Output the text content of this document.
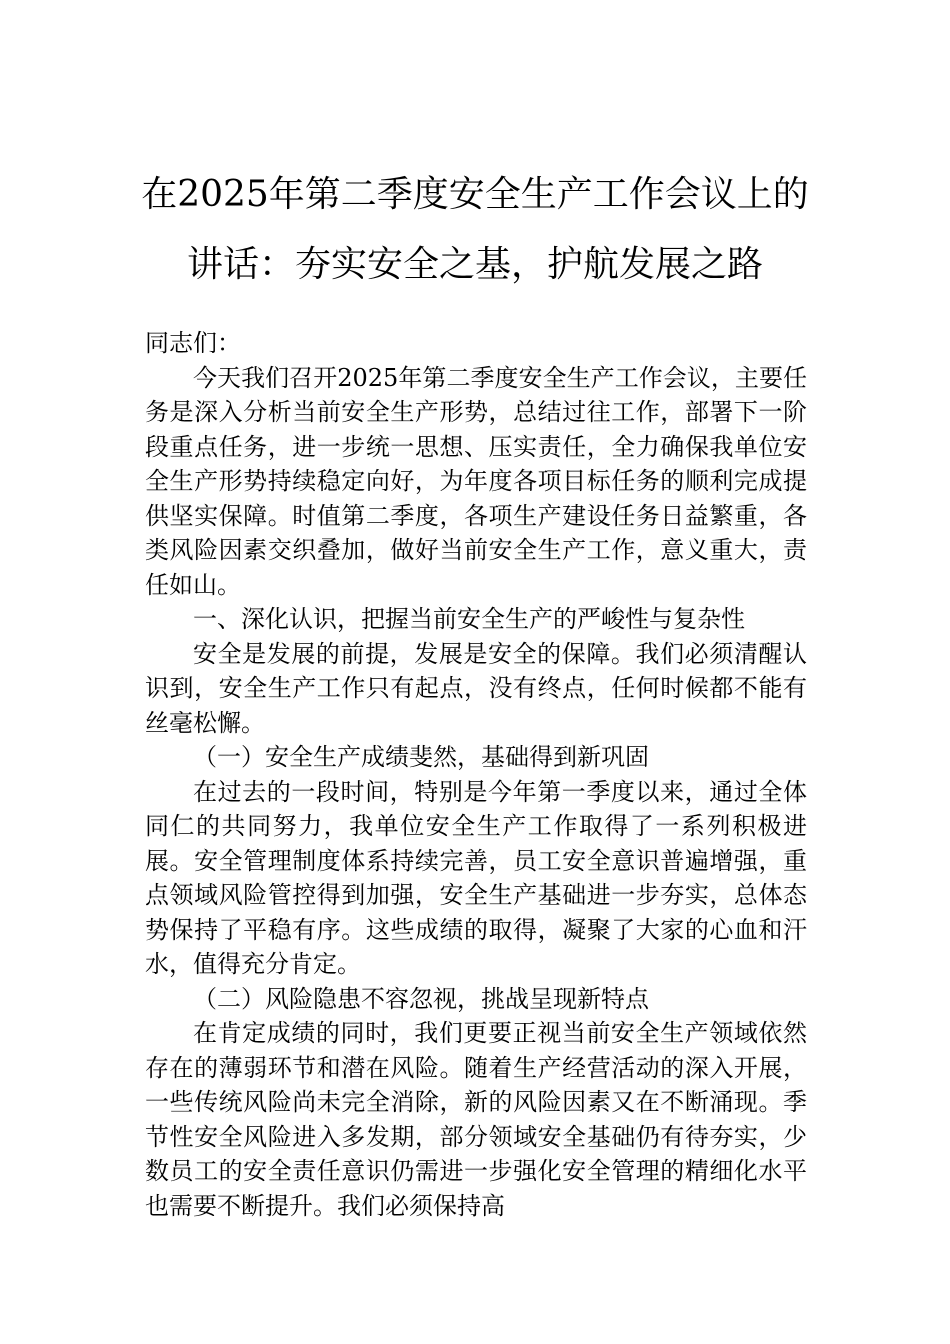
在2025年第二季度安全生产工作会议上的
讲话：夯实安全之基，护航发展之路

同志们：

今天我们召开2025年第二季度安全生产工作会议，主要任务是深入分析当前安全生产形势，总结过往工作，部署下一阶段重点任务，进一步统一思想、压实责任，全力确保我单位安全生产形势持续稳定向好，为年度各项目标任务的顺利完成提供坚实保障。时值第二季度，各项生产建设任务日益繁重，各类风险因素交织叠加，做好当前安全生产工作，意义重大，责任如山。

一、深化认识，把握当前安全生产的严峻性与复杂性

安全是发展的前提，发展是安全的保障。我们必须清醒认识到，安全生产工作只有起点，没有终点，任何时候都不能有丝毫松懈。

（一）安全生产成绩斐然，基础得到新巩固

在过去的一段时间，特别是今年第一季度以来，通过全体同仁的共同努力，我单位安全生产工作取得了一系列积极进展。安全管理制度体系持续完善，员工安全意识普遍增强，重点领域风险管控得到加强，安全生产基础进一步夯实，总体态势保持了平稳有序。这些成绩的取得，凝聚了大家的心血和汗水，值得充分肯定。

（二）风险隐患不容忽视，挑战呈现新特点

在肯定成绩的同时，我们更要正视当前安全生产领域依然存在的薄弱环节和潜在风险。随着生产经营活动的深入开展，一些传统风险尚未完全消除，新的风险因素又在不断涌现。季节性安全风险进入多发期，部分领域安全基础仍有待夯实，少数员工的安全责任意识仍需进一步强化安全管理的精细化水平也需要不断提升。我们必须保持高
